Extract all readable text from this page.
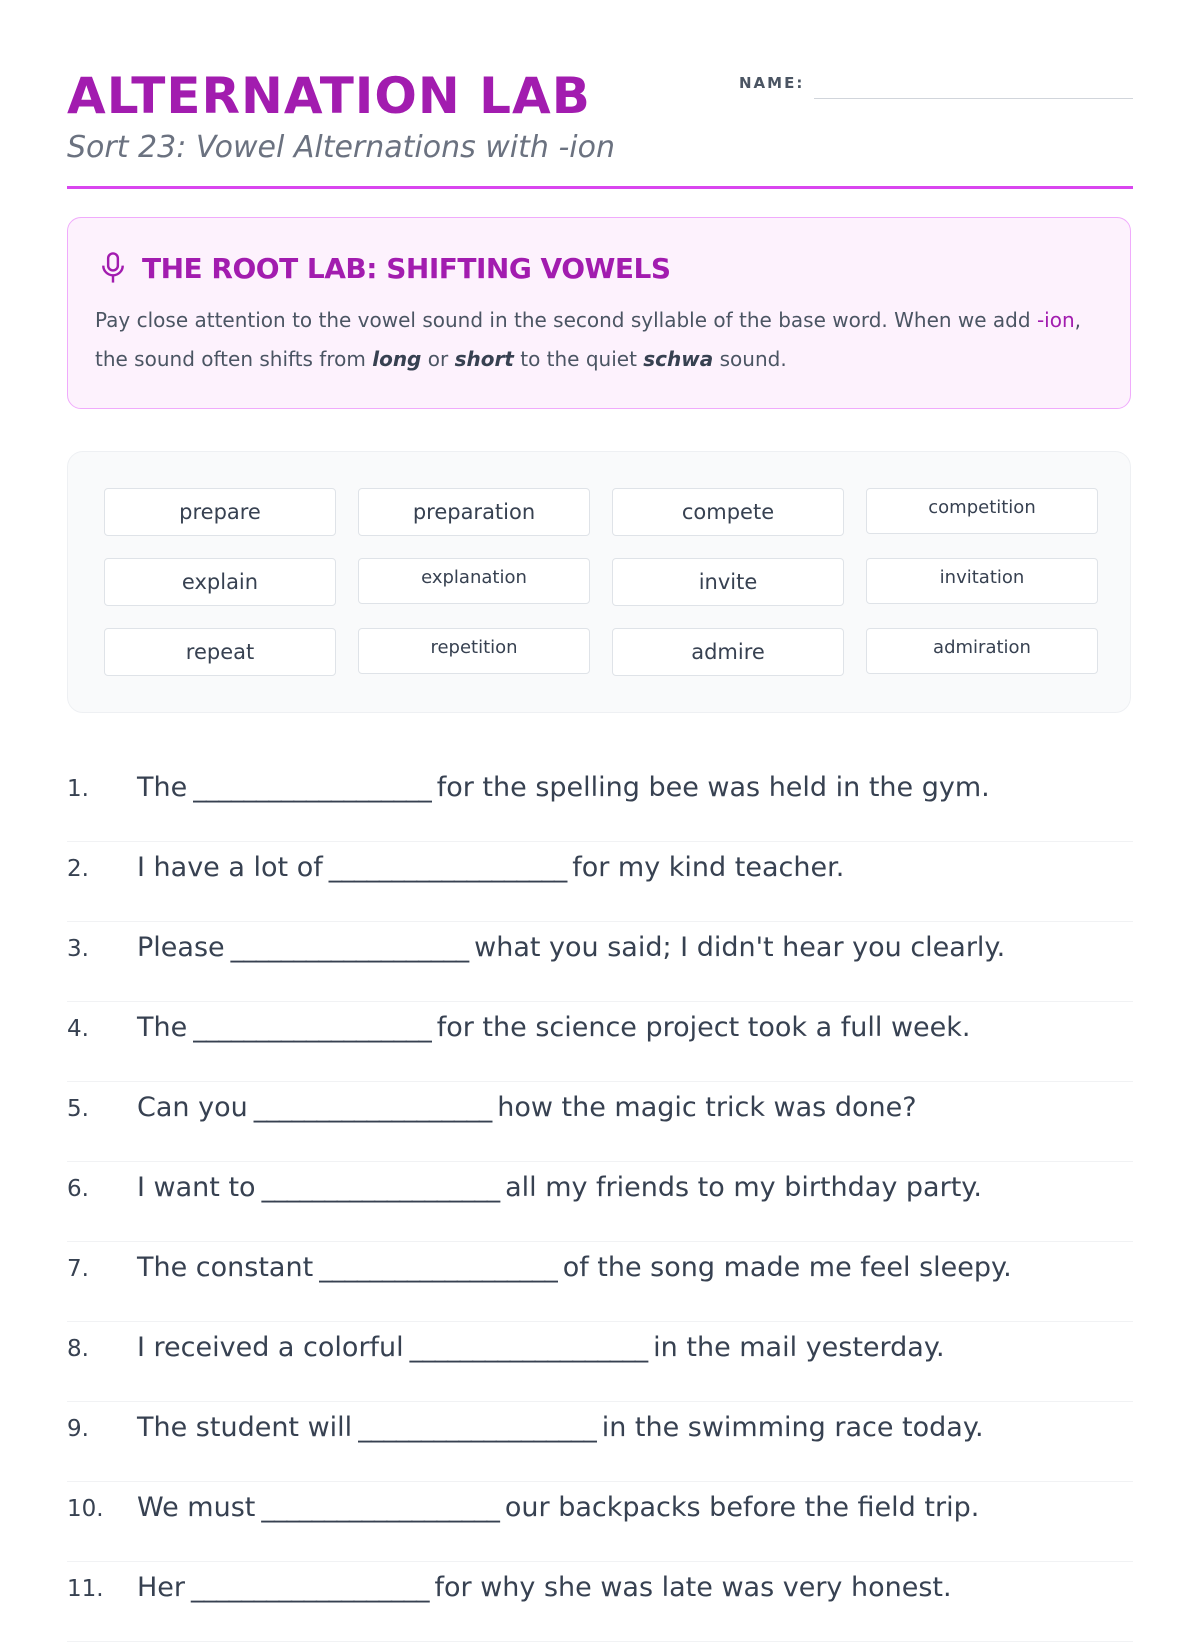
ALTERNATION LAB
Sort 23: Vowel Alternations with -ion
NAME:
THE ROOT LAB: SHIFTING VOWELS
Pay close attention to the vowel sound in the second syllable of the base word. When we add -ion, the sound often shifts from long or short to the quiet schwa sound.
prepare	preparation	compete	competition
explain	explanation	invite	invitation
repeat	repetition	admire	admiration
1.	The ___________________ for the spelling bee was held in the gym.
2.	I have a lot of ___________________ for my kind teacher.
3.	Please ___________________ what you said; I didn't hear you clearly.
4.	The ___________________ for the science project took a full week.
5.	Can you ___________________ how the magic trick was done?
6.	I want to ___________________ all my friends to my birthday party.
7.	The constant ___________________ of the song made me feel sleepy.
8.	I received a colorful ___________________ in the mail yesterday.
9.	The student will ___________________ in the swimming race today.
10.	We must ___________________ our backpacks before the field trip.
11.	Her ___________________ for why she was late was very honest.
